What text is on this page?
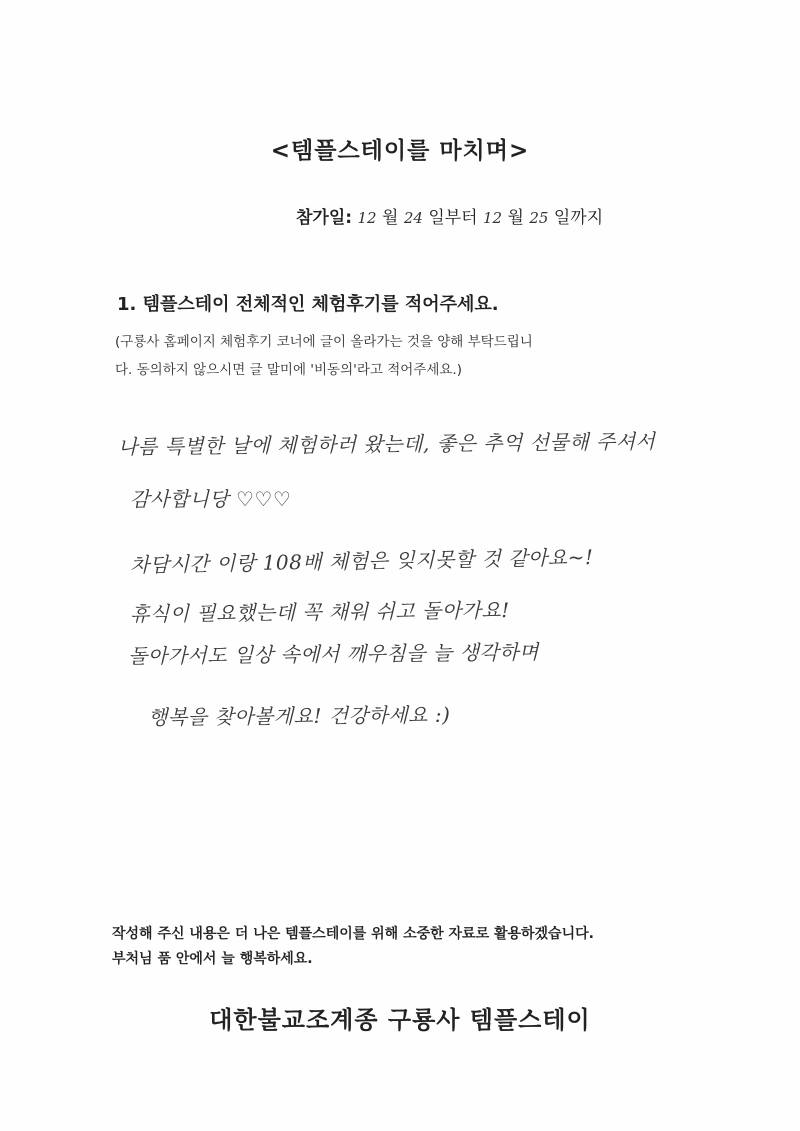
<템플스테이를 마치며>
참가일: 12 월 24 일부터 12 월 25 일까지
1. 템플스테이 전체적인 체험후기를 적어주세요.
(구룡사 홈페이지 체험후기 코너에 글이 올라가는 것을 양해 부탁드립니
다. 동의하지 않으시면 글 말미에 '비동의'라고 적어주세요.)
나름 특별한 날에 체험하러 왔는데, 좋은 추억 선물해 주셔서
감사합니당 ♡♡♡
차담시간 이랑 108배 체험은 잊지못할 것 같아요~!
휴식이 필요했는데 꼭 채워 쉬고 돌아가요!
돌아가서도 일상 속에서 깨우침을 늘 생각하며
행복을 찾아볼게요! 건강하세요 :)
작성해 주신 내용은 더 나은 템플스테이를 위해 소중한 자료로 활용하겠습니다.
부처님 품 안에서 늘 행복하세요.
대한불교조계종 구룡사 템플스테이
